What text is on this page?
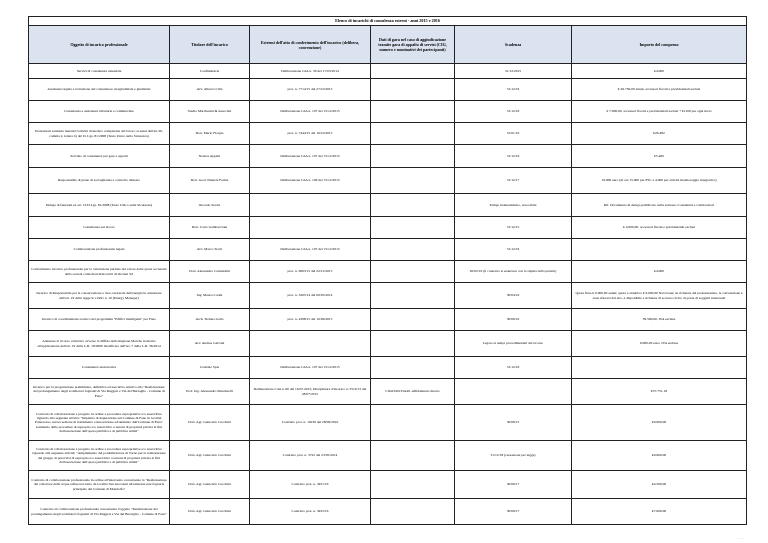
Elenco di incarichi di consulenza esterni - anni 2015 e 2016					
Oggetto di incarico professionale	Titolare dell'incarico	Estremi dell'atto di conferimento dell'incarico (delibera, convenzione)	Dati di gara nel caso di aggiudicazione tramite gara di appalto di servizi (CIG, numero e nominativi dei partecipanti)	Scadenza	Importo del compenso
Servizi di consulenza aziendale	Confindustria	Deliberazione CdA n. 30 del 17/03/2014		31/12/2015	€4.000
Assistenza legale e trattazione del contenzioso stragiudiziale e giudiziale	Avv. Alberto Cilia	prot. n. 7714/15 del 27/10/2015		31/12/16	€ 29.750,00 annui, accessori fiscali e previdenziali esclusi
Consulenza e assistenza tributaria e commerciale	Studio Marchesini & Associati	Deliberazione CdA n. 107 del 15/12/2015		31/12/16	€ 7.900,00, accessori fiscali e previdenziali esclusi + €1100 per ogni invio
Prestazioni sanitarie inerenti l'attività di medico competente del lavoro ai sensi dell'art.39, comma 2, lettera b) del D. Lgs. 81/2008 (Testo Unico sulla Sicurezza)	Dott. Mario Fiorgia	prot. n. 7444/15 del 16/10/2015		31/01/16	€26.482
Servizio di consulenza per gare e appalti	Nomos Appalti	Deliberazione CdA n. 107 del 15/12/2015		31/12/16	€5.400
Responsabile di piano di sorveglianza e controllo dissesto	Dott. Geol. Daniele Farina	Deliberazione CdA n. 106 del 15/12/2015		31/12/17	19.000 euro (di cui 15.000 per PSC e 4.000 per attività monitoraggio integrativo)
Delega di funzioni ex art. 16 D.Lgs. 81/2008 (Testo Unico sulla Sicurezza)	Oscardo Severi			Tempo indeterminato, revocabile	Rif. Documento di delega pubblicato nella sezione: Consulenti e collaboratori
Consulenza sul lavoro	Dott. Carlo Gambacciani			31/12/15	€ 4.000,00, accessori fiscali e previdenziali esclusi
Collaborazione professionale legale	Avv. Marco Storti	Deliberazione CdA n. 107 del 15/12/2015		31/12/16	
Conferimento incarico professionale per la valutazione peritale del valore delle quote societarie della società controllata Riaccertti di Orciani Srl	Dott. Alessandro Comandini	prot. n. 9063/15 del 22/12/2015		20/02/16 (il contratto si esaurisce con la stipula della perizia)	€4.000
Incarico di Responsabile per la conservazione e l'uso razionale dell'energia in attuazione dell'art. 19 della legge 9.1.1991 n. 10 (Energy Manager)	Ing. Mauro Cotini	prot. n. 3265/14 del 06/05/2014		30/04/16	Quota fissa € 6.000,00 annui; quota a obiettivo € 6.000,00 Nota bene: su richiesta del professionista, la convenzione è stata sfiorata dal sito, è disponibile a richiesta di accesso civico da parte di soggetti interessati
Incarico di coordinamento tecnico del programma "Edifici intelligenti" per Fano	Arch. Tiziana Gallo	prot. n. 4398/15 del 16/06/2015		30/06/16	39.500,00, IVA esclusa
Adesione al ricorso collettivo avverso la diffida della Regione Marche in merito all'applicazione dell'art. 19 della L.R. 18/2000 modificato dall'art. 7 della L.R. 36/2014	Avv. Andrea Galvani			Legato ai tempi procedimentali del ricorso	6.000,00 euro, IVA esclusa
Consulenza assicurativa	Centrale SpA	Deliberazione CdA n. 107 del 15/12/2015		31/12/16	
Incarico per la progettazione preliminare, definitiva ed esecutiva relativo alla "Realizzazione del prolungamento degli scolmatori fognanti di Via Ruggeri e Via del Bersaglio - Comune di Fano"	Prof. Ing. Alessandro Mancinelli	Deliberazione CdA n. 66 del 16/07.2015; Disciplinare d'incarico n. 5510/15 del 28/07/2015	CIG6340133A49. Affidamento diretto		€37.751,18
Contratto di collaborazione a progetto in ordine a procedure espropriative e/o asservitive riguardo alla seguente attività: "Impianto di depurazione sul Comune di Fano in località Ponterosso, nuova sezione di trattamento e innovazione ed/aumento dell'Comune di Fano" sommario delle procedure di esproprio e/o asservitivo a terreni di proprietà privata ai fini dell'esecuzione dell'opera pubblica e di pubblica utilità"	Dott. Agr. Giancarlo Cecchini	Contratto prot. n. 10239 del 28/09/2010		30/09/15	€9.900,00
Contratto di collaborazione a progetto in ordine a procedure espropriative e/o asservitive riguardo alla seguente attività: "Ampliamento del potabilizzatore di Torno per la realizzazione del gruppo di preavvisi di esproprio e/o asservitivo a terreni di proprietà privata ai fini dell'esecuzione dell'opera pubblica e di pubblica utilità"	Dott. Agr. Giancarlo Cecchini	Contratto prot. n. 3722 del 23/05/2014		31/12/18 (cessazione per legge)	€9.900,00
Contratto di collaborazione professionale in ordine all'intervento concernente la "Realizzazione del collettore delle acque reflue nel tratto da località San Giovanni all'esistente rete fognaria principale del Comune di Mondolfo"	Dott. Agr. Giancarlo Cecchini	Contratto prot. n. 3451/16		30/06/17	€4.500,00
Contratto di collaborazione professionale concernente l'oggetto "Realizzazione del prolungamento degli scolmatori fognanti di Via Ruggeri e Via del Bersaglio - Comune di Fano"	Dott. Agr. Giancarlo Cecchini	Contratto prot. n. 3452/16		30/09/17	€7.000,00
— —
